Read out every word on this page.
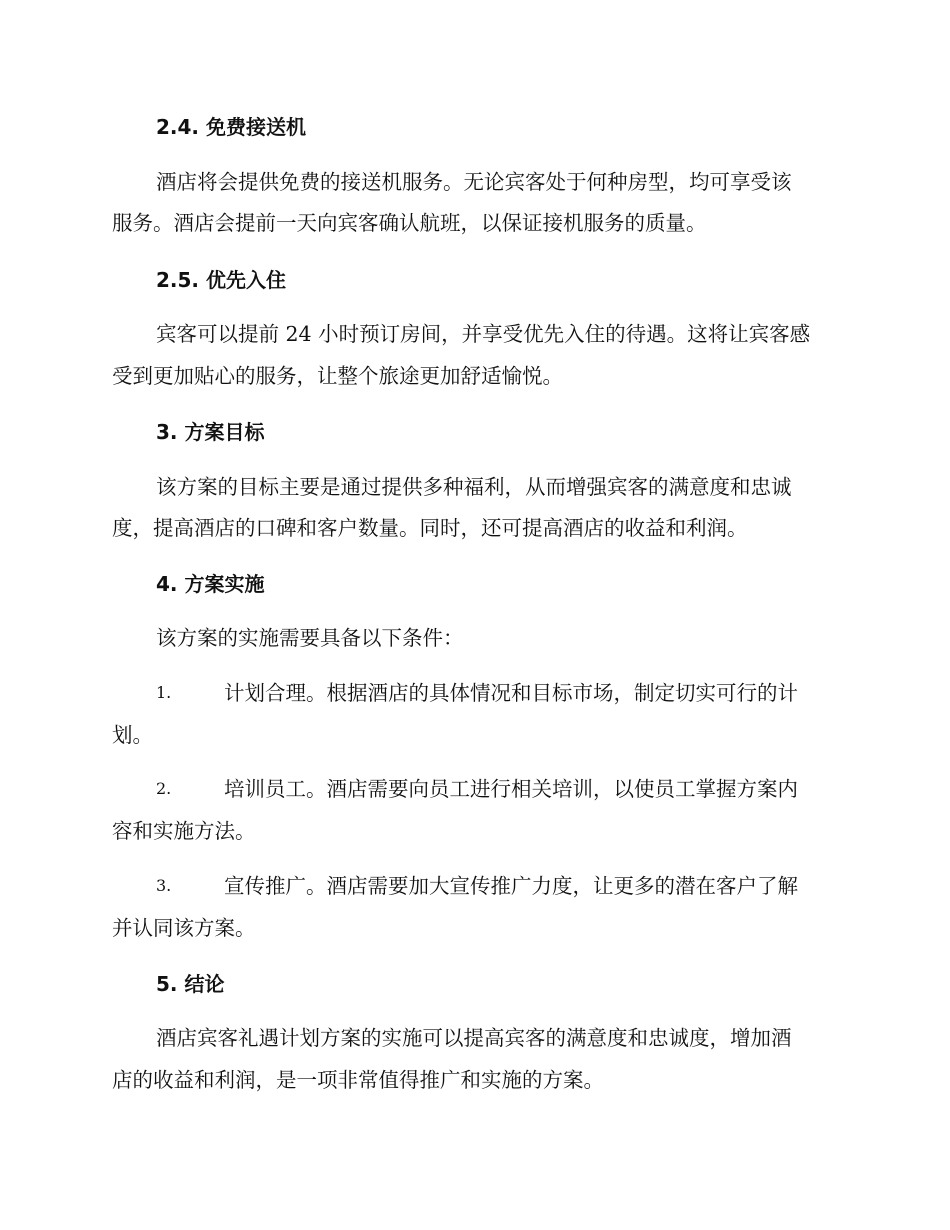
2.4. 免费接送机
酒店将会提供免费的接送机服务。无论宾客处于何种房型，均可享受该
服务。酒店会提前一天向宾客确认航班，以保证接机服务的质量。
2.5. 优先入住
宾客可以提前 24 小时预订房间，并享受优先入住的待遇。这将让宾客感
受到更加贴心的服务，让整个旅途更加舒适愉悦。
3. 方案目标
该方案的目标主要是通过提供多种福利，从而增强宾客的满意度和忠诚
度，提高酒店的口碑和客户数量。同时，还可提高酒店的收益和利润。
4. 方案实施
该方案的实施需要具备以下条件：
1.	计划合理。根据酒店的具体情况和目标市场，制定切实可行的计
划。
2.	培训员工。酒店需要向员工进行相关培训，以使员工掌握方案内
容和实施方法。
3.	宣传推广。酒店需要加大宣传推广力度，让更多的潜在客户了解
并认同该方案。
5. 结论
酒店宾客礼遇计划方案的实施可以提高宾客的满意度和忠诚度，增加酒
店的收益和利润，是一项非常值得推广和实施的方案。
